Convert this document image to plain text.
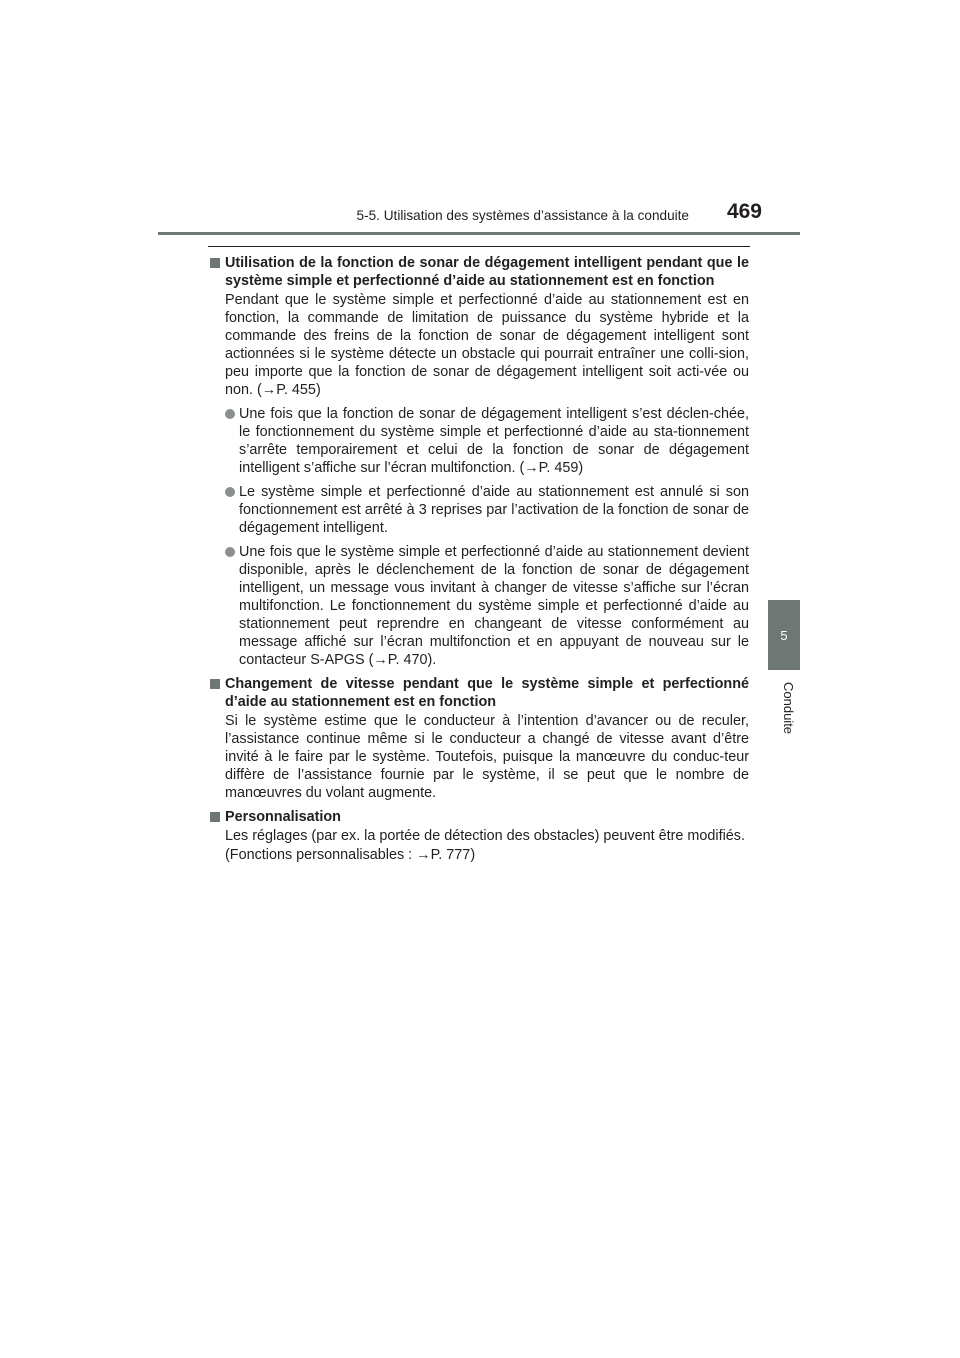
5-5. Utilisation des systèmes d’assistance à la conduite	469
5
Conduite
Utilisation de la fonction de sonar de dégagement intelligent pendant que le système simple et perfectionné d’aide au stationnement est en fonction
Pendant que le système simple et perfectionné d’aide au stationnement est en fonction, la commande de limitation de puissance du système hybride et la commande des freins de la fonction de sonar de dégagement intelligent sont actionnées si le système détecte un obstacle qui pourrait entraîner une colli-sion, peu importe que la fonction de sonar de dégagement intelligent soit acti-vée ou non. (→P. 455)
Une fois que la fonction de sonar de dégagement intelligent s’est déclen-chée, le fonctionnement du système simple et perfectionné d’aide au sta-tionnement s’arrête temporairement et celui de la fonction de sonar de dégagement intelligent s’affiche sur l’écran multifonction. (→P. 459)
Le système simple et perfectionné d’aide au stationnement est annulé si son fonctionnement est arrêté à 3 reprises par l’activation de la fonction de sonar de dégagement intelligent.
Une fois que le système simple et perfectionné d’aide au stationnement devient disponible, après le déclenchement de la fonction de sonar de dégagement intelligent, un message vous invitant à changer de vitesse s’affiche sur l’écran multifonction. Le fonctionnement du système simple et perfectionné d’aide au stationnement peut reprendre en changeant de vitesse conformément au message affiché sur l’écran multifonction et en appuyant de nouveau sur le contacteur S-APGS (→P. 470).
Changement de vitesse pendant que le système simple et perfectionné d’aide au stationnement est en fonction
Si le système estime que le conducteur à l’intention d’avancer ou de reculer, l’assistance continue même si le conducteur a changé de vitesse avant d’être invité à le faire par le système. Toutefois, puisque la manœuvre du conduc-teur diffère de l’assistance fournie par le système, il se peut que le nombre de manœuvres du volant augmente.
Personnalisation
Les réglages (par ex. la portée de détection des obstacles) peuvent être modifiés.
(Fonctions personnalisables : →P. 777)
